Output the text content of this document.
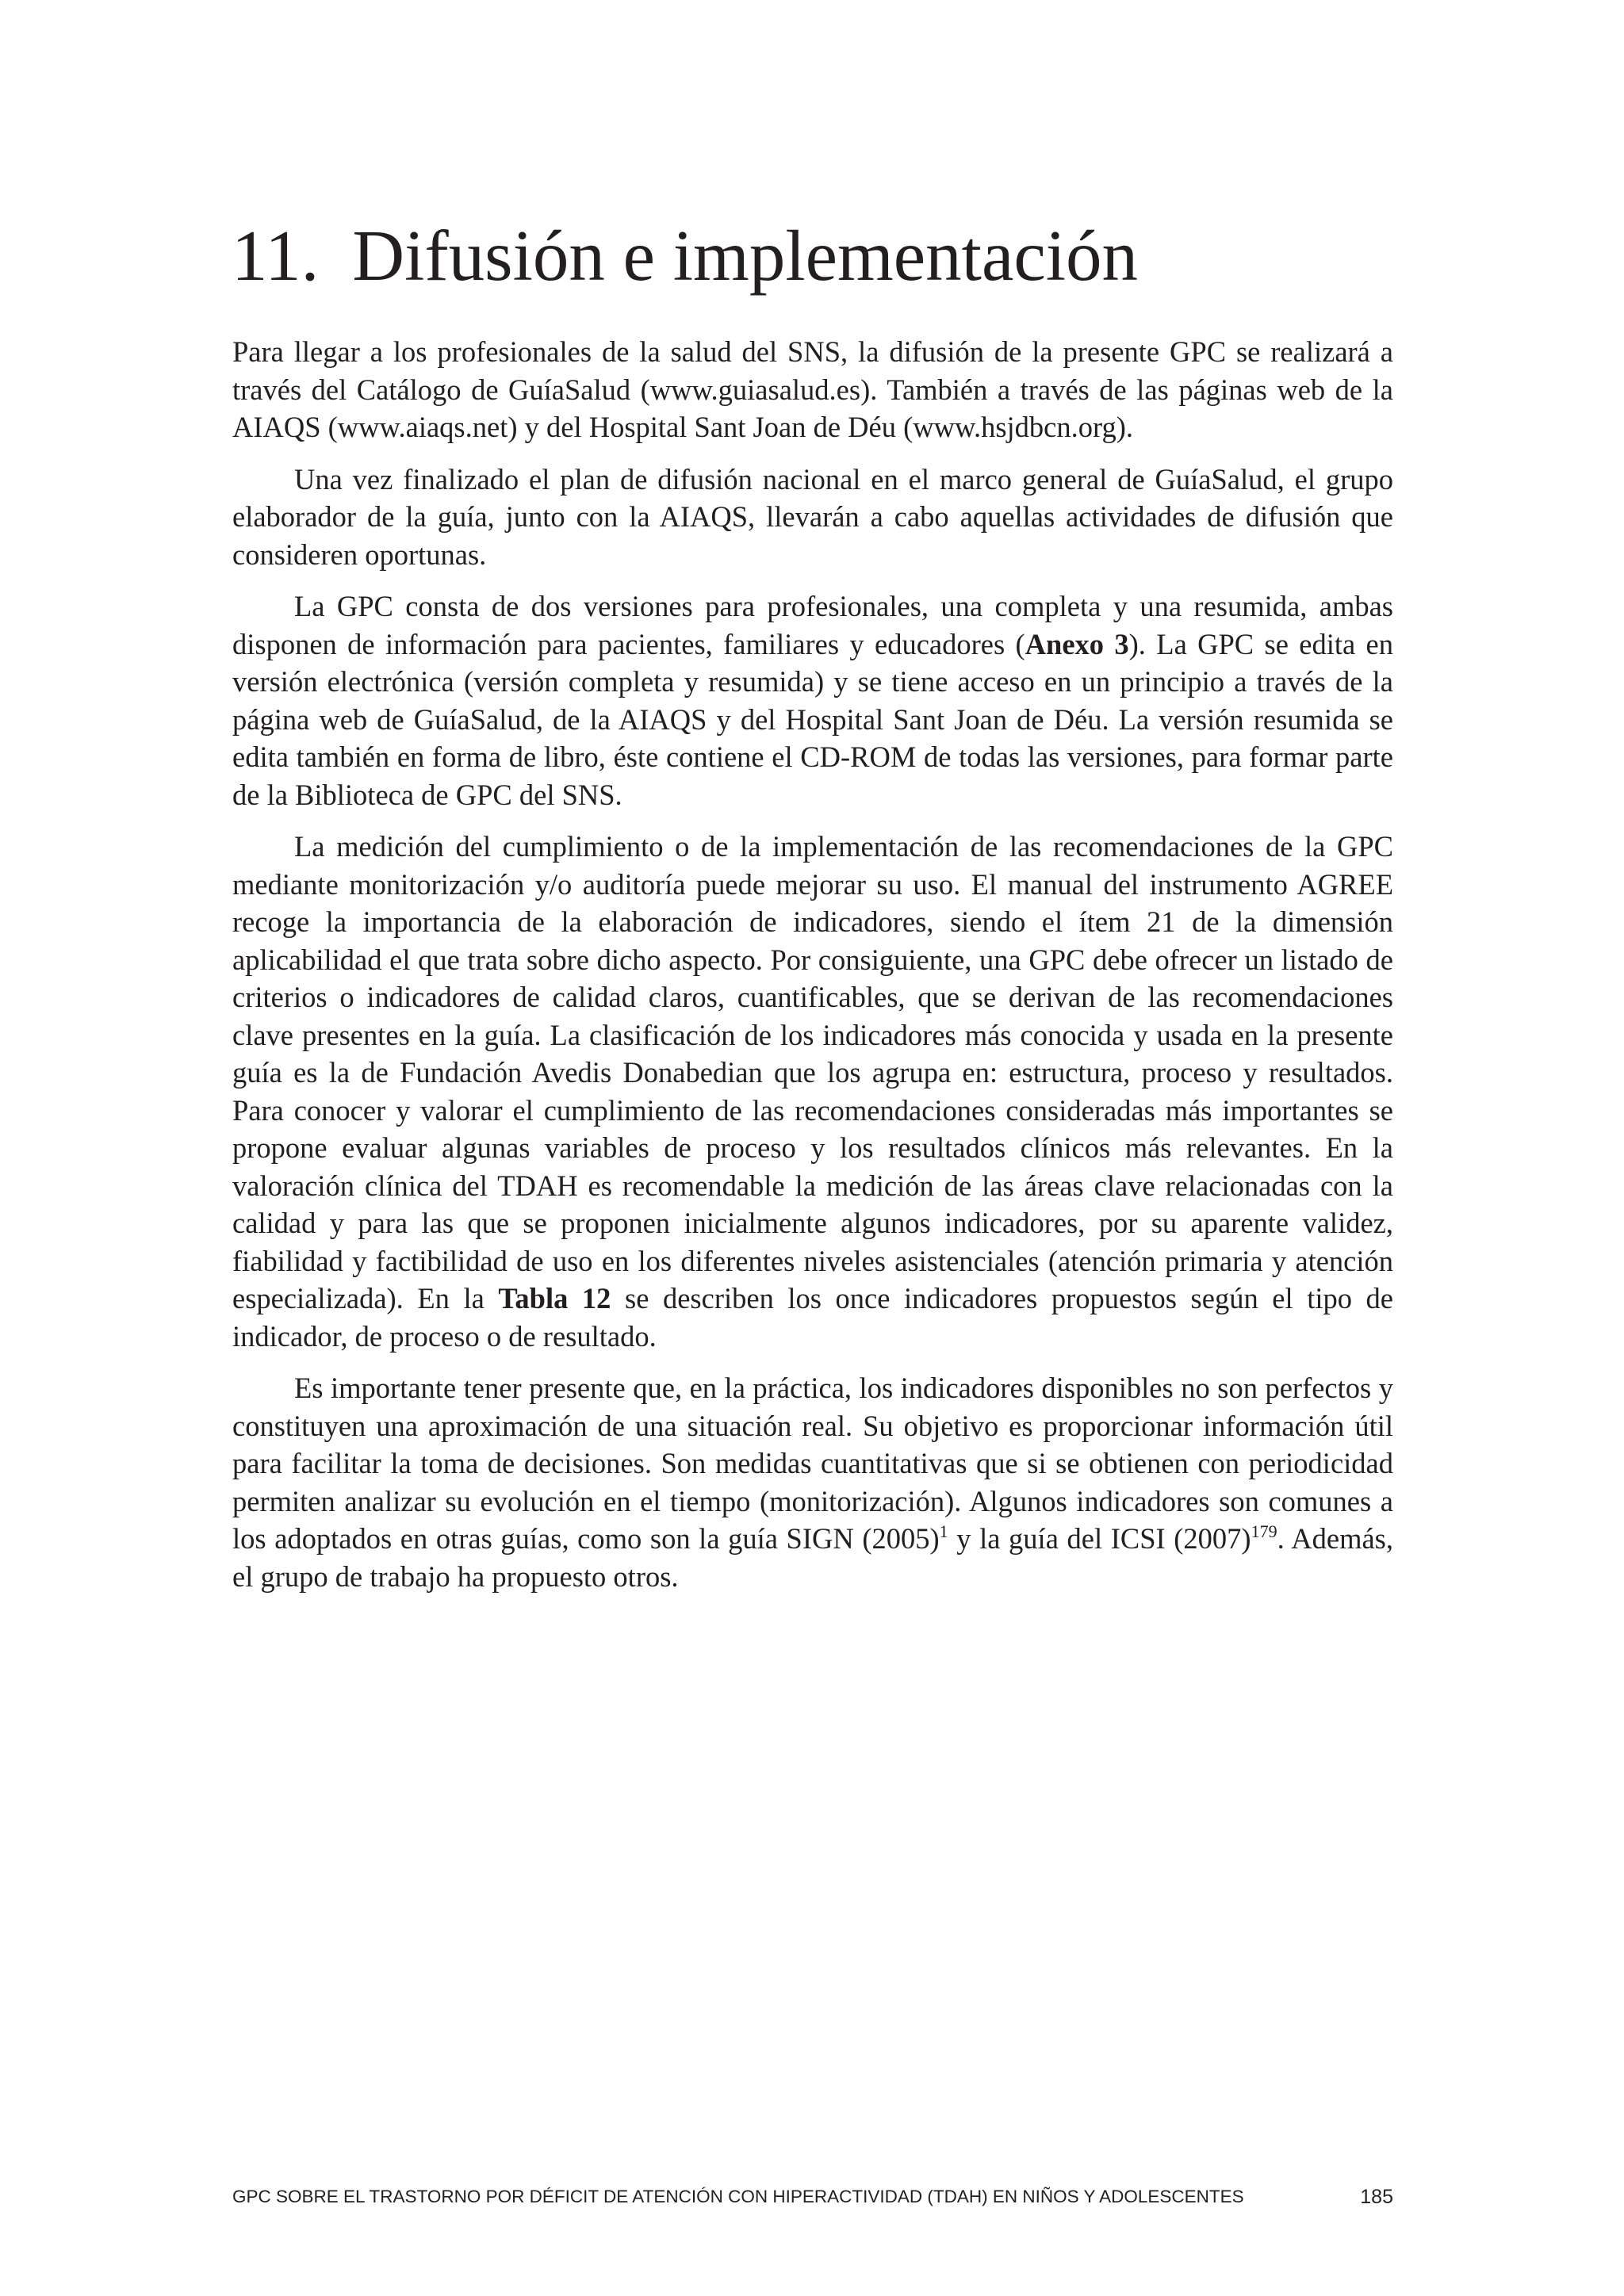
11. Difusión e implementación

Para llegar a los profesionales de la salud del SNS, la difusión de la presente GPC se realizará a través del Catálogo de GuíaSalud (www.guiasalud.es). También a través de las páginas web de la AIAQS (www.aiaqs.net) y del Hospital Sant Joan de Déu (www.hsjdbcn.org).

Una vez finalizado el plan de difusión nacional en el marco general de GuíaSalud, el grupo elaborador de la guía, junto con la AIAQS, llevarán a cabo aquellas actividades de difusión que consideren oportunas.

La GPC consta de dos versiones para profesionales, una completa y una resumida, ambas disponen de información para pacientes, familiares y educadores (Anexo 3). La GPC se edita en versión electrónica (versión completa y resumida) y se tiene acceso en un principio a través de la página web de GuíaSalud, de la AIAQS y del Hospital Sant Joan de Déu. La versión resumida se edita también en forma de libro, éste contiene el CD-ROM de todas las versiones, para formar parte de la Biblioteca de GPC del SNS.

La medición del cumplimiento o de la implementación de las recomendaciones de la GPC mediante monitorización y/o auditoría puede mejorar su uso. El manual del instrumento AGREE recoge la importancia de la elaboración de indicadores, siendo el ítem 21 de la dimensión aplicabilidad el que trata sobre dicho aspecto. Por consiguiente, una GPC debe ofrecer un listado de criterios o indicadores de calidad claros, cuantificables, que se derivan de las recomendaciones clave presentes en la guía. La clasificación de los indicadores más conocida y usada en la presente guía es la de Fundación Avedis Donabedian que los agrupa en: estructura, proceso y resultados. Para conocer y valorar el cumplimiento de las recomendaciones consideradas más importantes se propone evaluar algunas variables de proceso y los resultados clínicos más relevantes. En la valoración clínica del TDAH es recomendable la medición de las áreas clave relacionadas con la calidad y para las que se proponen inicialmente algunos indicadores, por su aparente validez, fiabilidad y factibilidad de uso en los diferentes niveles asistenciales (atención primaria y atención especializada). En la Tabla 12 se describen los once indicadores propuestos según el tipo de indicador, de proceso o de resultado.

Es importante tener presente que, en la práctica, los indicadores disponibles no son perfectos y constituyen una aproximación de una situación real. Su objetivo es proporcionar información útil para facilitar la toma de decisiones. Son medidas cuantitativas que si se obtienen con periodicidad permiten analizar su evolución en el tiempo (monitorización). Algunos indicadores son comunes a los adoptados en otras guías, como son la guía SIGN $(2005)^1$ y la guía del ICSI $(2007)^{179}$. Además, el grupo de trabajo ha propuesto otros.

GPC SOBRE EL TRASTORNO POR DÉFICIT DE ATENCIÓN CON HIPERACTIVIDAD (TDAH) EN NIÑOS Y ADOLESCENTES	185
